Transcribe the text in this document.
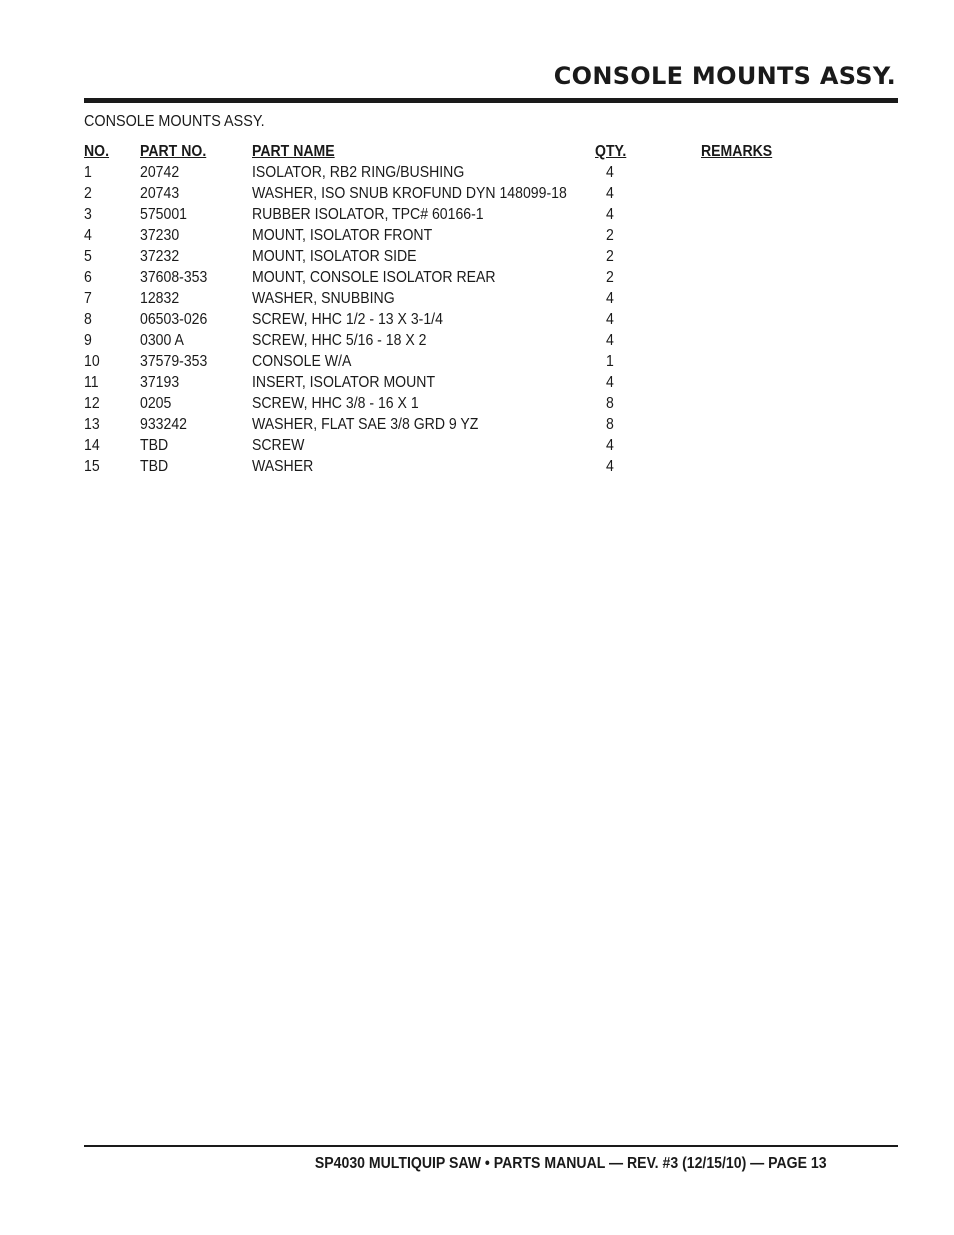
CONSOLE MOUNTS ASSY.
CONSOLE MOUNTS ASSY.
NO. PART NO.	PART NAME	QTY.	REMARKS
1	20742	ISOLATOR, RB2 RING/BUSHING	4
2	20743	WASHER, ISO SNUB KROFUND DYN 148099-18 4
3	575001	RUBBER ISOLATOR, TPC# 60166-1	4
4	37230	MOUNT, ISOLATOR FRONT	2
5	37232	MOUNT, ISOLATOR SIDE	2
6	37608-353	MOUNT, CONSOLE ISOLATOR REAR	2
7	12832	WASHER, SNUBBING	4
8	06503-026	SCREW, HHC 1/2 - 13 X 3-1/4	4
9	0300 A	SCREW, HHC 5/16 - 18 X 2	4
10	37579-353	CONSOLE W/A	1
11	37193	INSERT, ISOLATOR MOUNT	4
12	0205	SCREW, HHC 3/8 - 16 X 1	8
13	933242	WASHER, FLAT SAE 3/8 GRD 9 YZ	8
14	TBD	SCREW	4
15	TBD	WASHER	4
SP4030 MULTIQUIP SAW • PARTS MANUAL — REV. #3 (12/15/10) — PAGE 13
